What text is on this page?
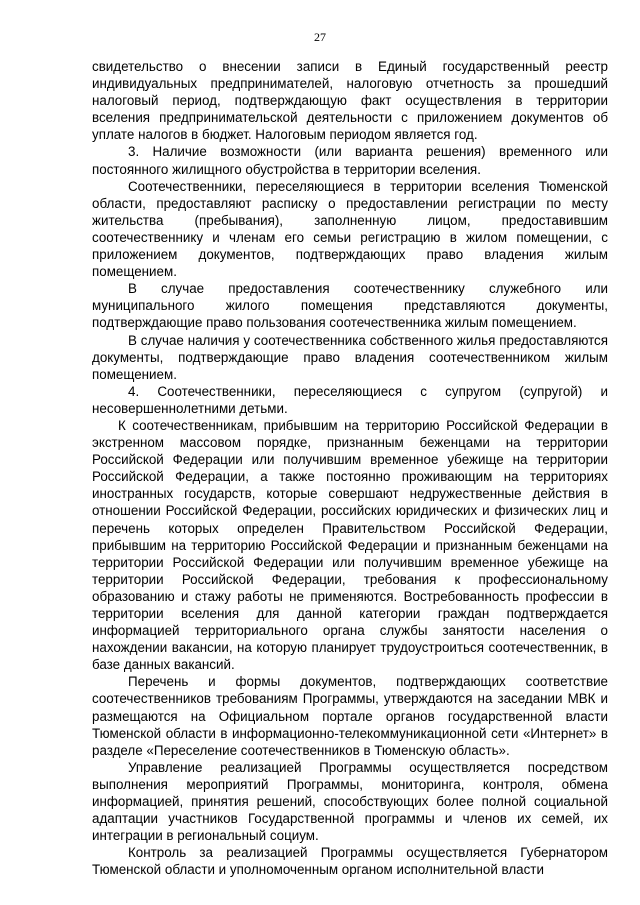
27

свидетельство о внесении записи в Единый государственный реестр индивидуальных предпринимателей, налоговую отчетность за прошедший налоговый период, подтверждающую факт осуществления в территории вселения предпринимательской деятельности с приложением документов об уплате налогов в бюджет. Налоговым периодом является год.

3. Наличие возможности (или варианта решения) временного или постоянного жилищного обустройства в территории вселения.

Соотечественники, переселяющиеся в территории вселения Тюменской области, предоставляют расписку о предоставлении регистрации по месту жительства (пребывания), заполненную лицом, предоставившим соотечественнику и членам его семьи регистрацию в жилом помещении, с приложением документов, подтверждающих право владения жилым помещением.

В случае предоставления соотечественнику служебного или муниципального жилого помещения представляются документы, подтверждающие право пользования соотечественника жилым помещением.

В случае наличия у соотечественника собственного жилья предоставляются документы, подтверждающие право владения соотечественником жилым помещением.

4. Соотечественники, переселяющиеся с супругом (супругой) и несовершеннолетними детьми.

К соотечественникам, прибывшим на территорию Российской Федерации в экстренном массовом порядке, признанным беженцами на территории Российской Федерации или получившим временное убежище на территории Российской Федерации, а также постоянно проживающим на территориях иностранных государств, которые совершают недружественные действия в отношении Российской Федерации, российских юридических и физических лиц и перечень которых определен Правительством Российской Федерации, прибывшим на территорию Российской Федерации и признанным беженцами на территории Российской Федерации или получившим временное убежище на территории Российской Федерации, требования к профессиональному образованию и стажу работы не применяются. Востребованность профессии в территории вселения для данной категории граждан подтверждается информацией территориального органа службы занятости населения о нахождении вакансии, на которую планирует трудоустроиться соотечественник, в базе данных вакансий.

Перечень и формы документов, подтверждающих соответствие соотечественников требованиям Программы, утверждаются на заседании МВК и размещаются на Официальном портале органов государственной власти Тюменской области в информационно-телекоммуникационной сети «Интернет» в разделе «Переселение соотечественников в Тюменскую область».

Управление реализацией Программы осуществляется посредством выполнения мероприятий Программы, мониторинга, контроля, обмена информацией, принятия решений, способствующих более полной социальной адаптации участников Государственной программы и членов их семей, их интеграции в региональный социум.

Контроль за реализацией Программы осуществляется Губернатором Тюменской области и уполномоченным органом исполнительной власти
